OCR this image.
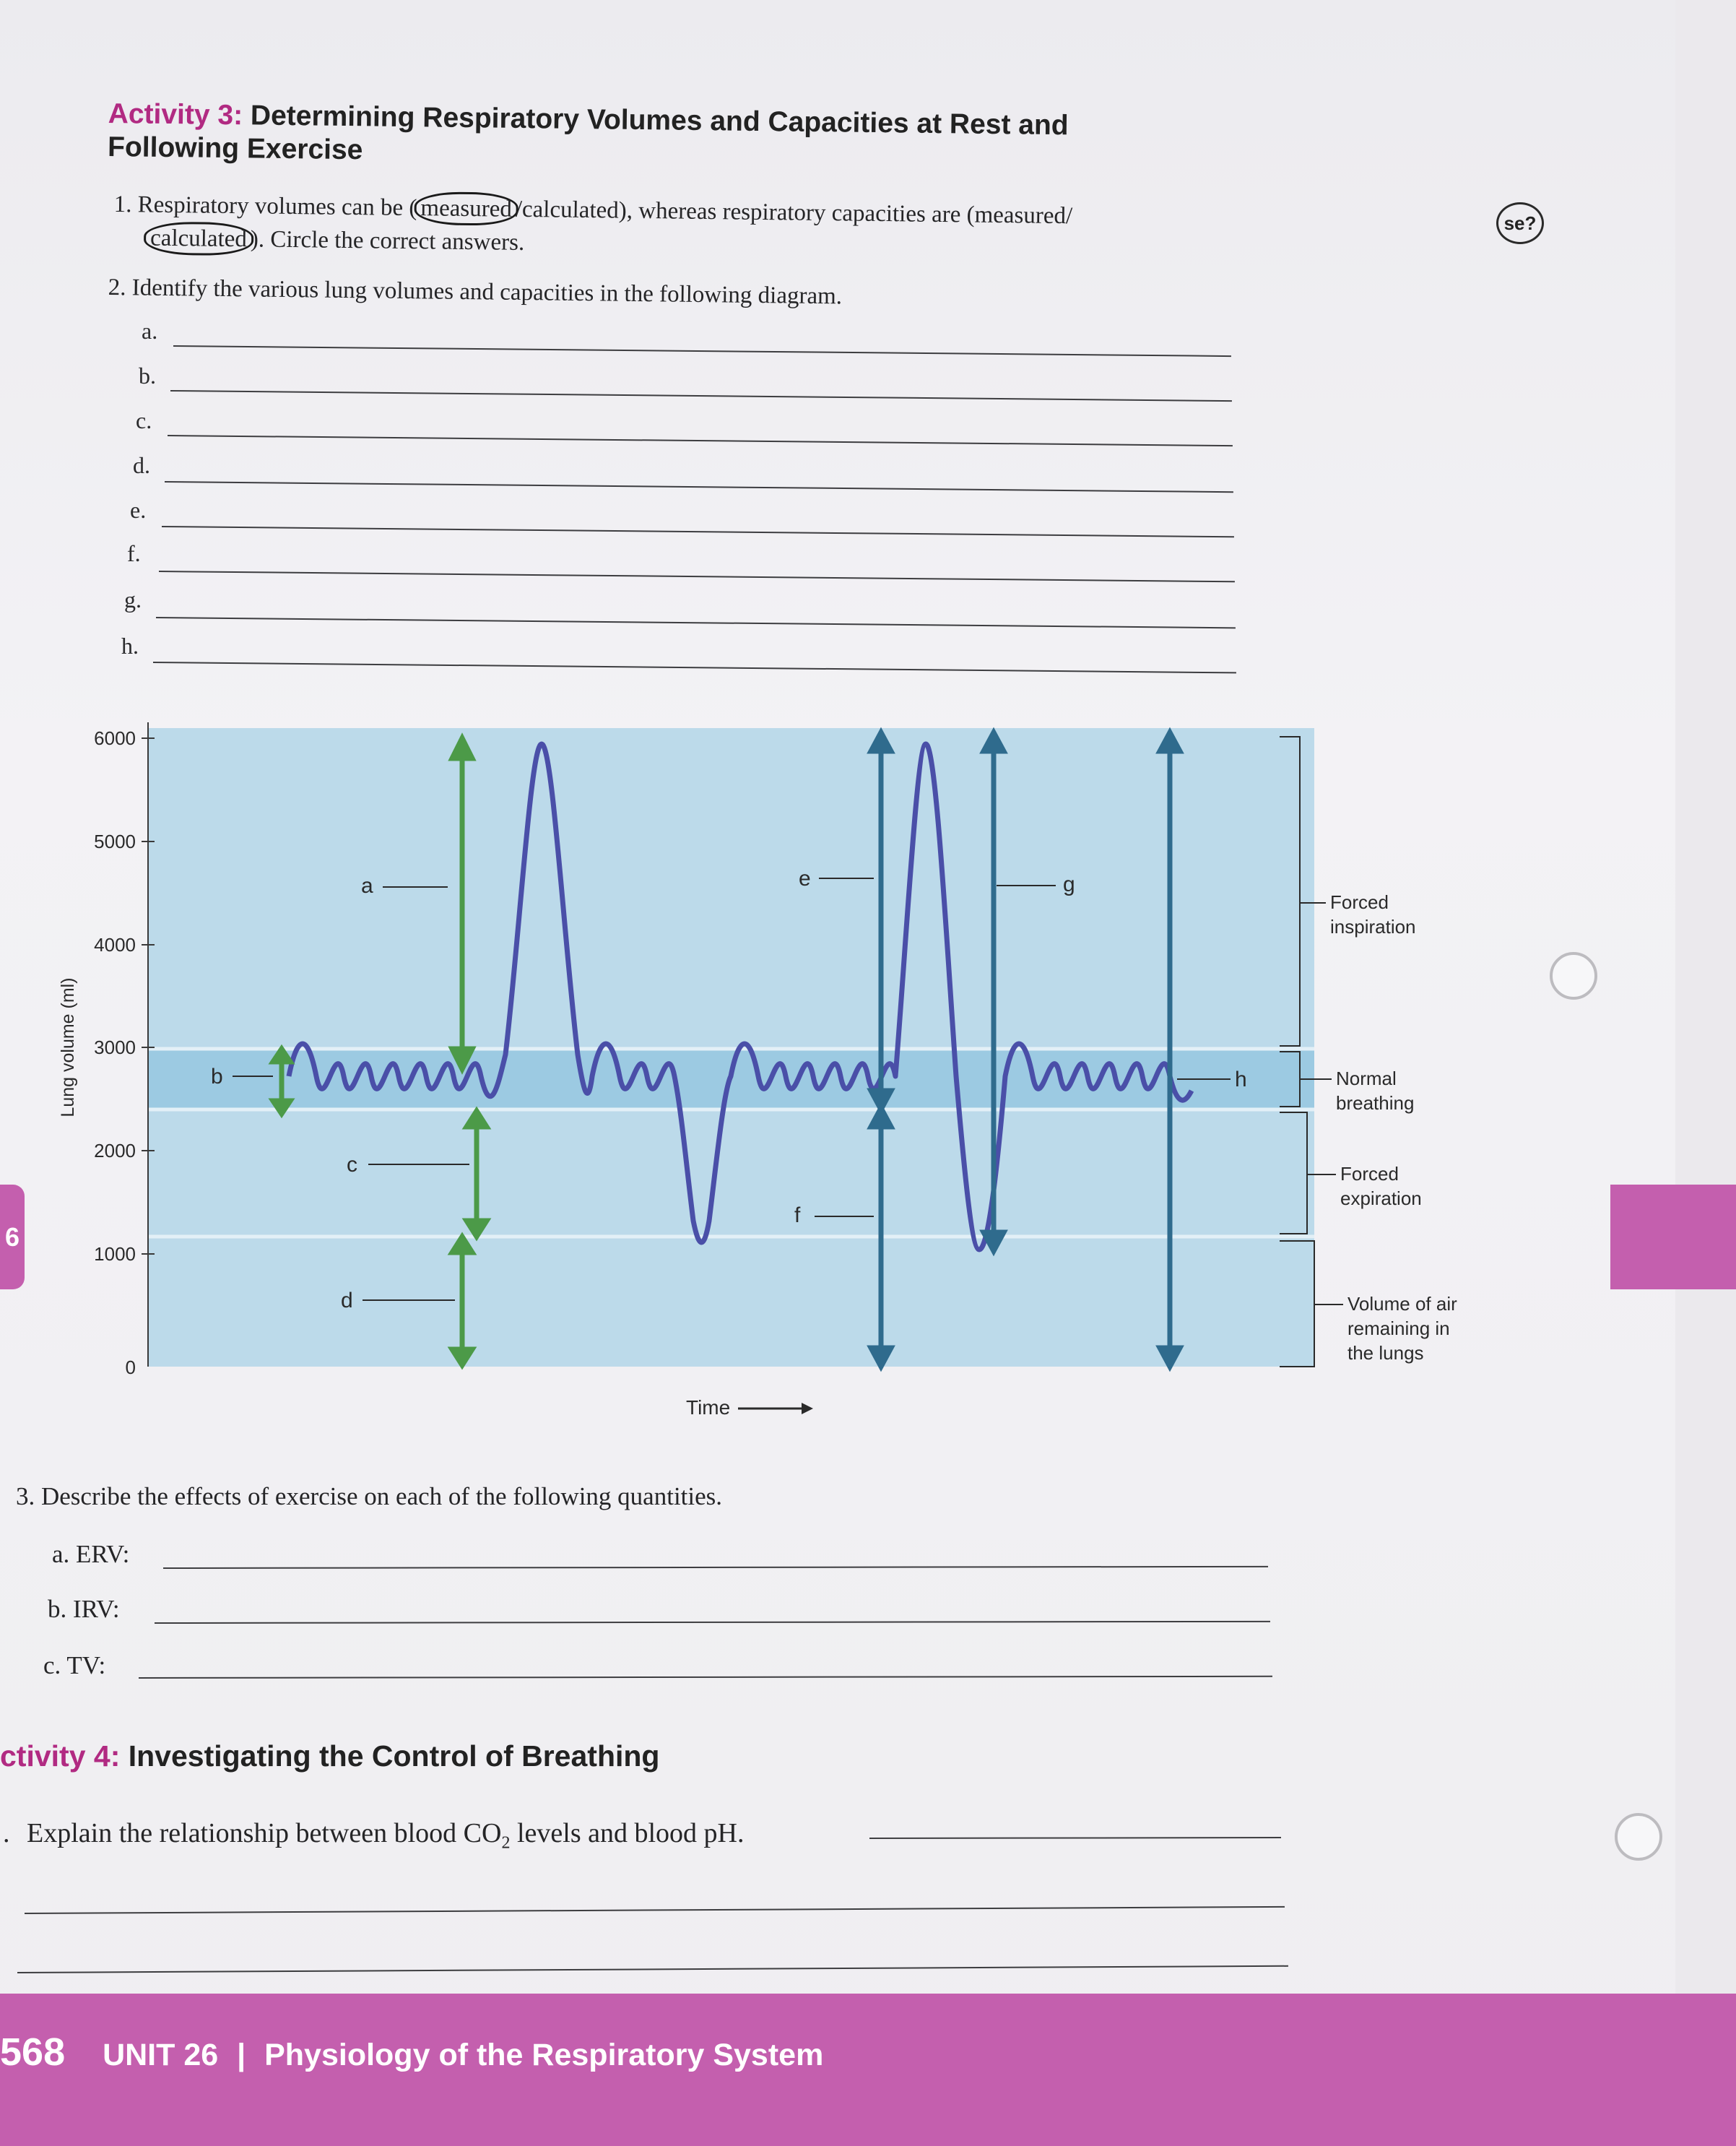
Activity 3: Determining Respiratory Volumes and Capacities at Rest and
Following Exercise
1. Respiratory volumes can be ( measured /calculated), whereas respiratory capacities are (measured/
calculated ). Circle the correct answers.
2. Identify the various lung volumes and capacities in the following diagram.
a.
b.
c.
d.
e.
f.
g.
h.
6000
5000
4000
3000
2000
1000
0
Lung volume (ml)
Time
a
b
c
d
e
f
g
h
Forced
inspiration
Normal
breathing
Forced
expiration
Volume of air
remaining in
the lungs
3. Describe the effects of exercise on each of the following quantities.
a. ERV:
b. IRV:
c. TV:
ctivity 4: Investigating the Control of Breathing
. Explain the relationship between blood $CO_2$ levels and blood pH.
6
se?
568 UNIT 26 | Physiology of the Respiratory System
